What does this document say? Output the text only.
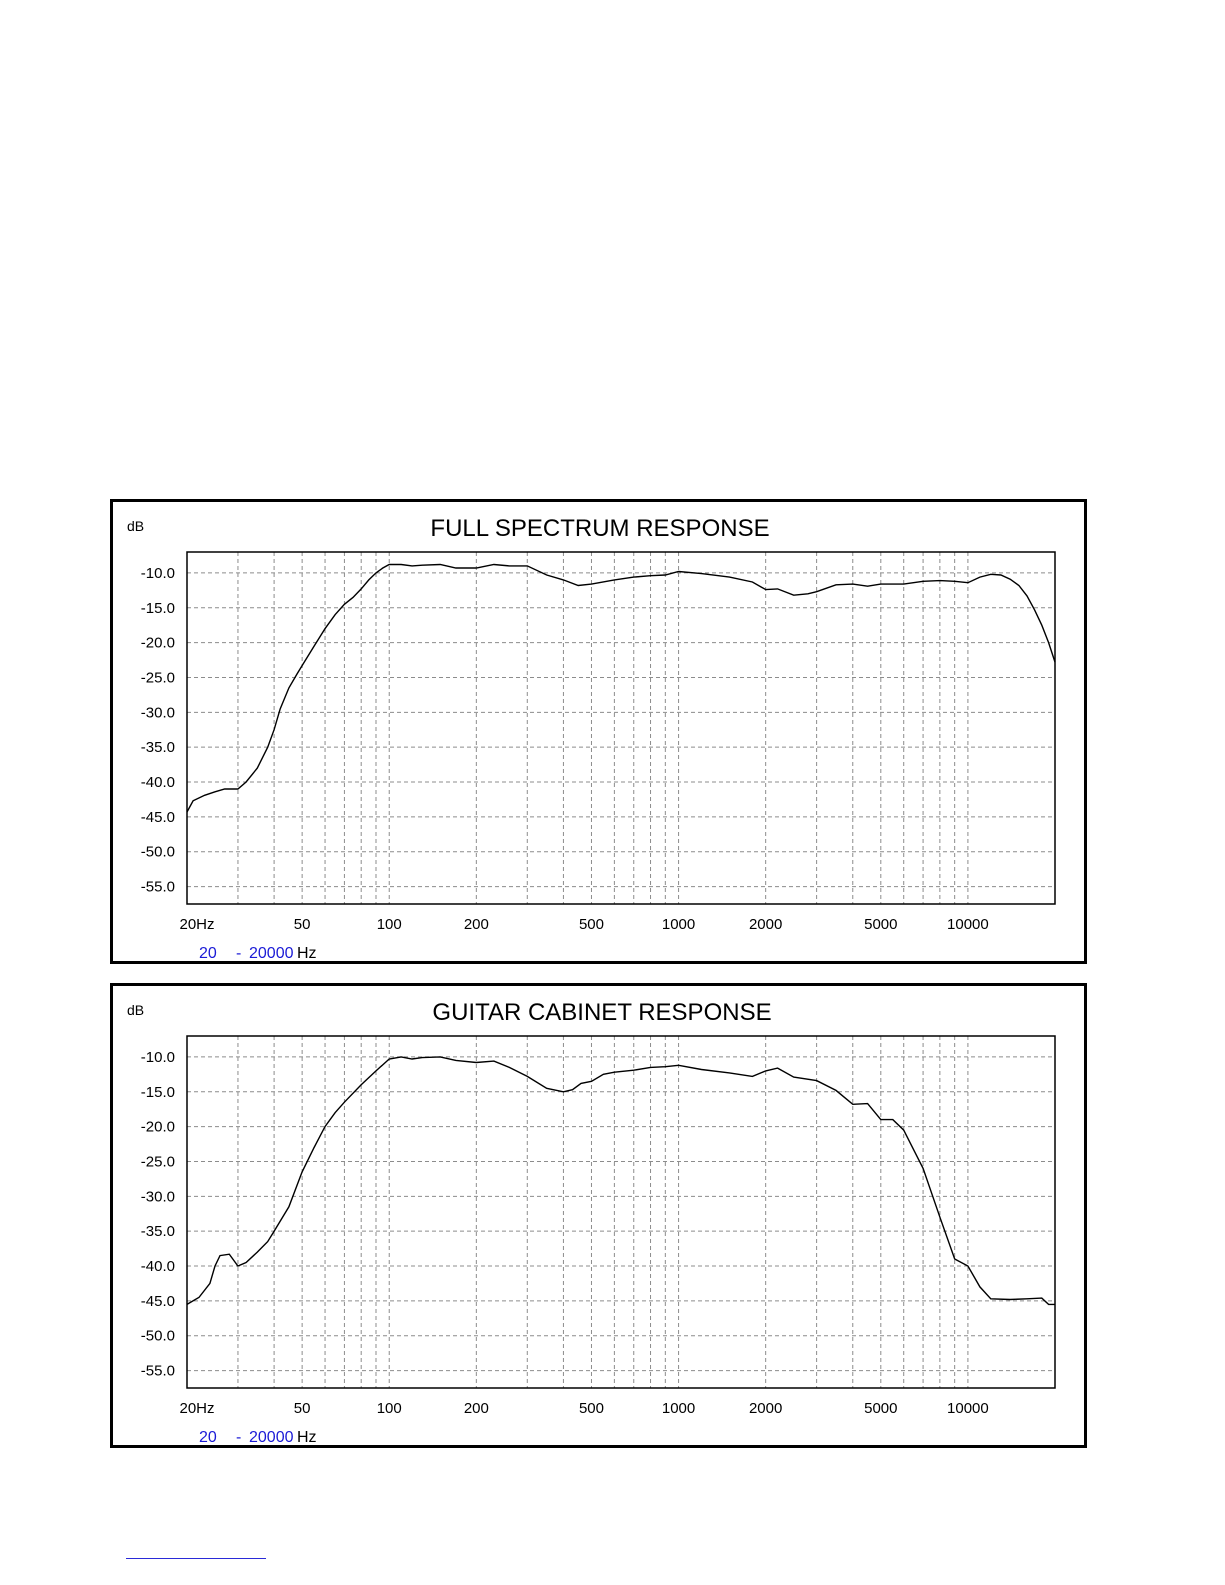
FULL SPECTRUM RESPONSE
dB
-10.0
-15.0
-20.0
-25.0
-30.0
-35.0
-40.0
-45.0
-50.0
-55.0
20Hz	50	100	200	500	1000	2000	5000	10000
20 - 20000 Hz
GUITAR CABINET RESPONSE
dB
-10.0
-15.0
-20.0
-25.0
-30.0
-35.0
-40.0
-45.0
-50.0
-55.0
20Hz	50	100	200	500	1000	2000	5000	10000
20 - 20000 Hz
